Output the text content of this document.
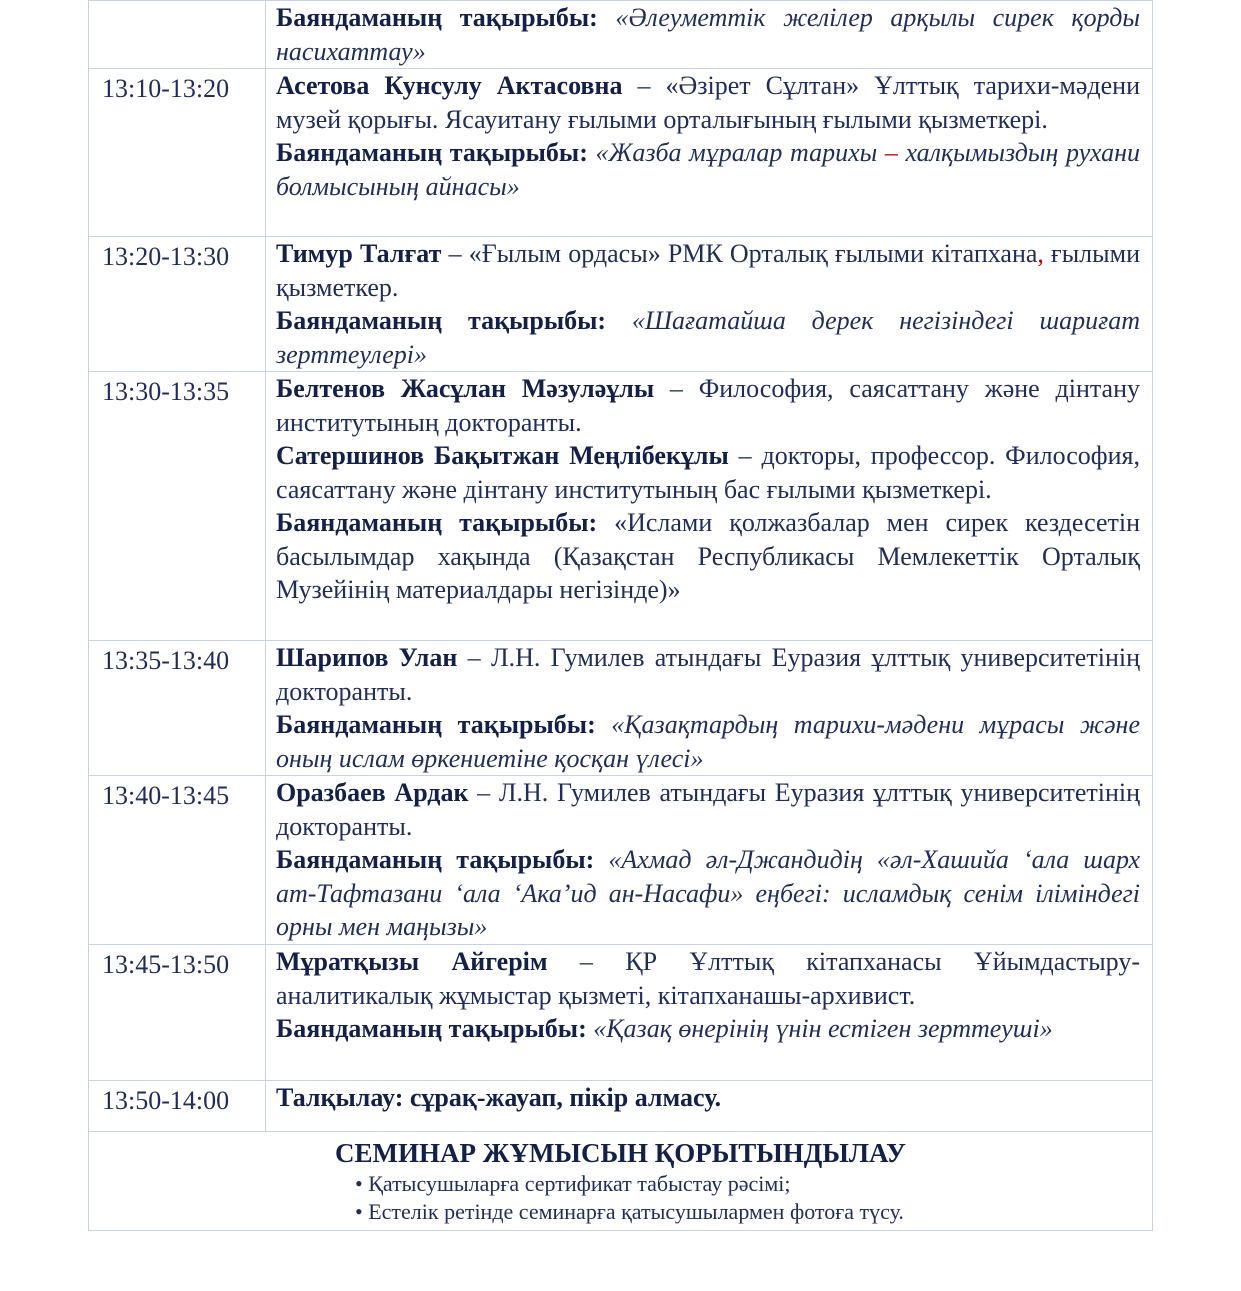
	Баяндаманың тақырыбы: «Әлеуметтік желілер арқылы сирек қорды насихаттау»

13:10-13:20	Асетова Кунсулу Актасовна – «Әзірет Сұлтан» Ұлттық тарихи-мәдени музей қорығы. Ясауитану ғылыми орталығының ғылыми қызметкері.

Баяндаманың тақырыбы: «Жазба мұралар тарихы – халқымыздың рухани болмысының айнасы»

13:20-13:30	Тимур Талғат – «Ғылым ордасы» РМК Орталық ғылыми кітапхана, ғылыми қызметкер.

Баяндаманың тақырыбы: «Шағатайша дерек негізіндегі шариғат зерттеулері»

13:30-13:35	Белтенов Жасұлан Мәзуләұлы – Философия, саясаттану және дінтану институтының докторанты.

Сатершинов Бақытжан Меңлібекұлы – докторы, профессор. Философия, саясаттану және дінтану институтының бас ғылыми қызметкері.

Баяндаманың тақырыбы: «Ислами қолжазбалар мен сирек кездесетін басылымдар хақында (Қазақстан Республикасы Мемлекеттік Орталық Музейінің материалдары негізінде)»

13:35-13:40	Шарипов Улан – Л.Н. Гумилев атындағы Еуразия ұлттық университетінің докторанты.

Баяндаманың тақырыбы: «Қазақтардың тарихи-мәдени мұрасы және оның ислам өркениетіне қосқан үлесі»

13:40-13:45	Оразбаев Ардак – Л.Н. Гумилев атындағы Еуразия ұлттық университетінің докторанты.

Баяндаманың тақырыбы: «Ахмад әл-Джандидің «әл-Хашийа ‘ала шарх ат-Тафтазани ‘ала ‘Ака’ид ан-Насафи» еңбегі: исламдық сенім іліміндегі орны мен маңызы»

13:45-13:50	Мұратқызы Айгерім – ҚР Ұлттық кітапханасы Ұйымдастыру-аналитикалық жұмыстар қызметі, кітапханашы-архивист.

Баяндаманың тақырыбы: «Қазақ өнерінің үнін естіген зерттеуші»

13:50-14:00	Талқылау: сұрақ-жауап, пікір алмасу.

СЕМИНАР ЖҰМЫСЫН ҚОРЫТЫНДЫЛАУ

• Қатысушыларға сертификат табыстау рәсімі;

• Естелік ретінде семинарға қатысушылармен фотоға түсу.	
